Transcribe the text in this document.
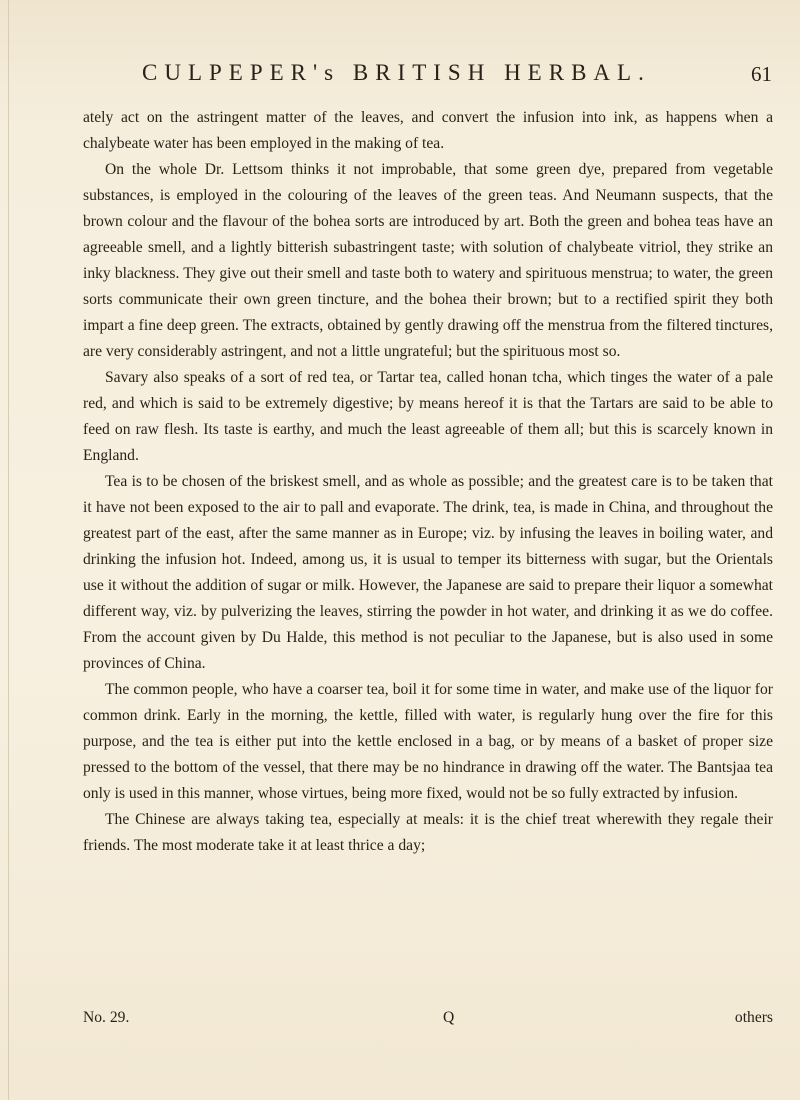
CULPEPER's BRITISH HERBAL.	61

ately act on the astringent matter of the leaves, and convert the infusion into ink, as happens when a chalybeate water has been employed in the making of tea.

On the whole Dr. Lettsom thinks it not improbable, that some green dye, prepared from vegetable substances, is employed in the colouring of the leaves of the green teas. And Neumann suspects, that the brown colour and the flavour of the bohea sorts are introduced by art. Both the green and bohea teas have an agreeable smell, and a lightly bitterish subastringent taste; with solution of chalybeate vitriol, they strike an inky blackness. They give out their smell and taste both to watery and spirituous menstrua; to water, the green sorts communicate their own green tincture, and the bohea their brown; but to a rectified spirit they both impart a fine deep green. The extracts, obtained by gently drawing off the menstrua from the filtered tinctures, are very considerably astringent, and not a little ungrateful; but the spirituous most so.

Savary also speaks of a sort of red tea, or Tartar tea, called honan tcha, which tinges the water of a pale red, and which is said to be extremely digestive; by means hereof it is that the Tartars are said to be able to feed on raw flesh. Its taste is earthy, and much the least agreeable of them all; but this is scarcely known in England.

Tea is to be chosen of the briskest smell, and as whole as possible; and the greatest care is to be taken that it have not been exposed to the air to pall and evaporate. The drink, tea, is made in China, and throughout the greatest part of the east, after the same manner as in Europe; viz. by infusing the leaves in boiling water, and drinking the infusion hot. Indeed, among us, it is usual to temper its bitterness with sugar, but the Orientals use it without the addition of sugar or milk. However, the Japanese are said to prepare their liquor a somewhat different way, viz. by pulverizing the leaves, stirring the powder in hot water, and drinking it as we do coffee. From the account given by Du Halde, this method is not peculiar to the Japanese, but is also used in some provinces of China.

The common people, who have a coarser tea, boil it for some time in water, and make use of the liquor for common drink. Early in the morning, the kettle, filled with water, is regularly hung over the fire for this purpose, and the tea is either put into the kettle enclosed in a bag, or by means of a basket of proper size pressed to the bottom of the vessel, that there may be no hindrance in drawing off the water. The Bantsjaa tea only is used in this manner, whose virtues, being more fixed, would not be so fully extracted by infusion.

The Chinese are always taking tea, especially at meals: it is the chief treat wherewith they regale their friends. The most moderate take it at least thrice a day;

No. 29.	Q	others
